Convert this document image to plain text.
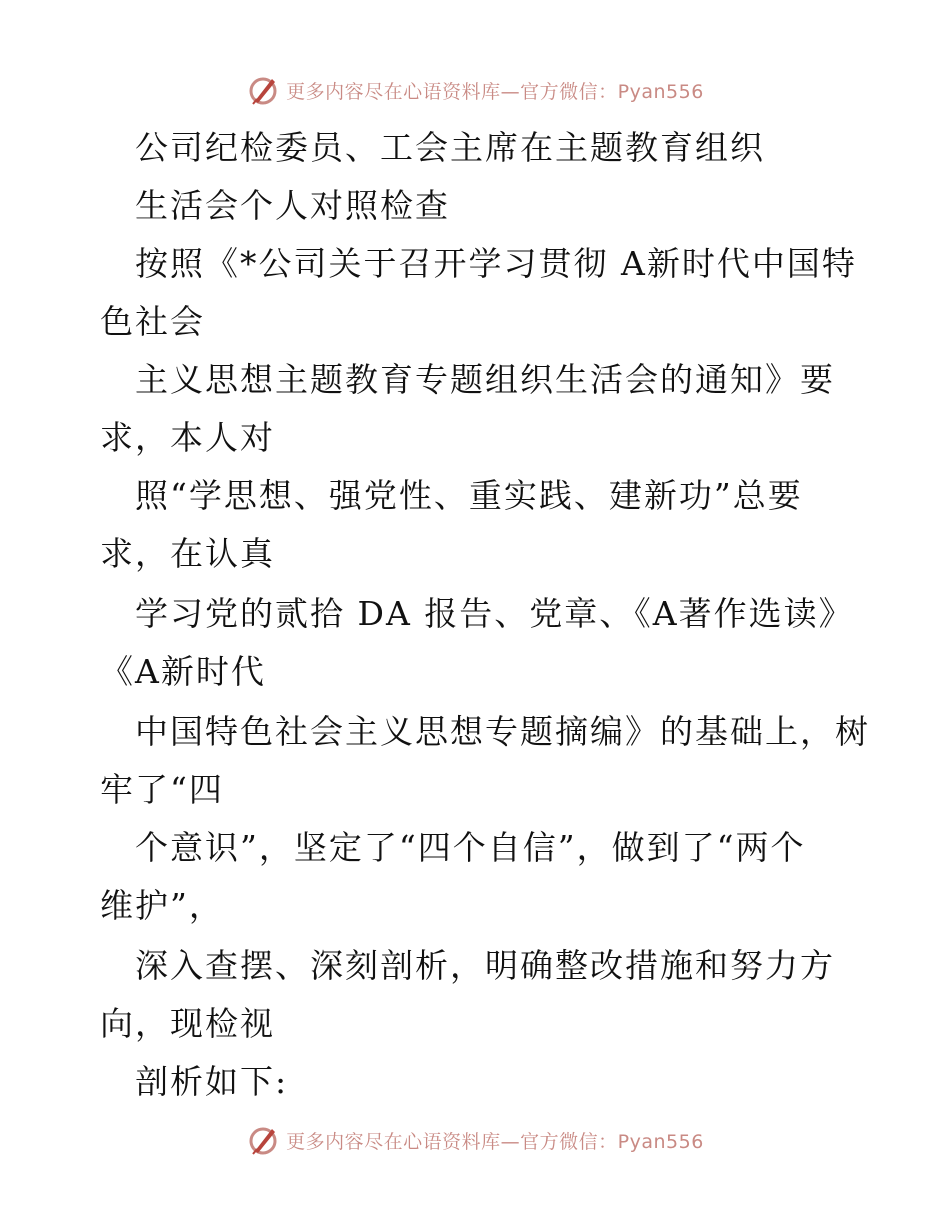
更多内容尽在心语资料库—官方微信：Pyan556
公司纪检委员、工会主席在主题教育组织
生活会个人对照检查
按照《*公司关于召开学习贯彻 A新时代中国特
色社会
主义思想主题教育专题组织生活会的通知》要
求，本人对
照“学思想、强党性、重实践、建新功”总要
求，在认真
学习党的贰拾 DA 报告、党章、《A著作选读》
《A新时代
中国特色社会主义思想专题摘编》的基础上，树
牢了“四
个意识”，坚定了“四个自信”，做到了“两个
维护”，
深入查摆、深刻剖析，明确整改措施和努力方
向，现检视
剖析如下:
更多内容尽在心语资料库—官方微信：Pyan556
